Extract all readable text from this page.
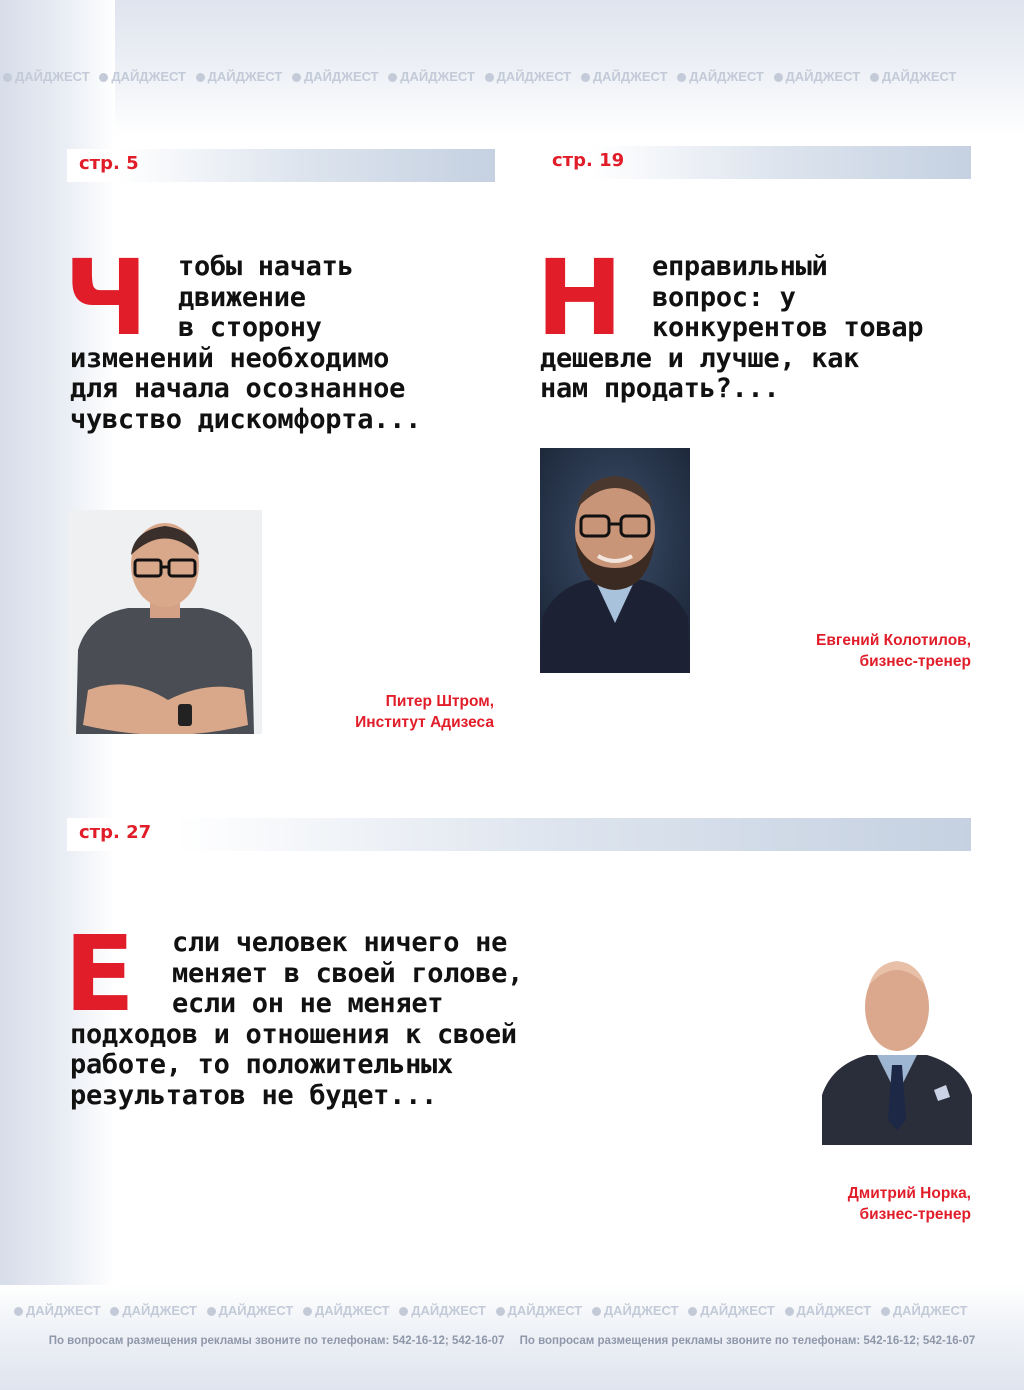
ДАЙДЖЕСТ ДАЙДЖЕСТ ДАЙДЖЕСТ ДАЙДЖЕСТ ДАЙДЖЕСТ ДАЙДЖЕСТ ДАЙДЖЕСТ ДАЙДЖЕСТ ДАЙДЖЕСТ ДАЙДЖЕСТ
стр. 5
Ч	тобы начать
движение
в сторону
изменений необходимо
для начала осознанное
чувство дискомфорта...

Питер Штром,
Институт Адизеса
стр. 19
Н	еправильный
вопрос: у
конкурентов товар
дешевле и лучше, как
нам продать?...

Евгений Колотилов,
бизнес-тренер
стр. 27
Е	сли человек ничего не
меняет в своей голове,
если он не меняет
подходов и отношения к своей
работе, то положительных
результатов не будет...

Дмитрий Норка,
бизнес-тренер
ДАЙДЖЕСТ ДАЙДЖЕСТ ДАЙДЖЕСТ ДАЙДЖЕСТ ДАЙДЖЕСТ ДАЙДЖЕСТ ДАЙДЖЕСТ ДАЙДЖЕСТ ДАЙДЖЕСТ ДАЙДЖЕСТ
По вопросам размещения рекламы звоните по телефонам: 542-16-12; 542-16-07 По вопросам размещения рекламы звоните по телефонам: 542-16-12; 542-16-07
